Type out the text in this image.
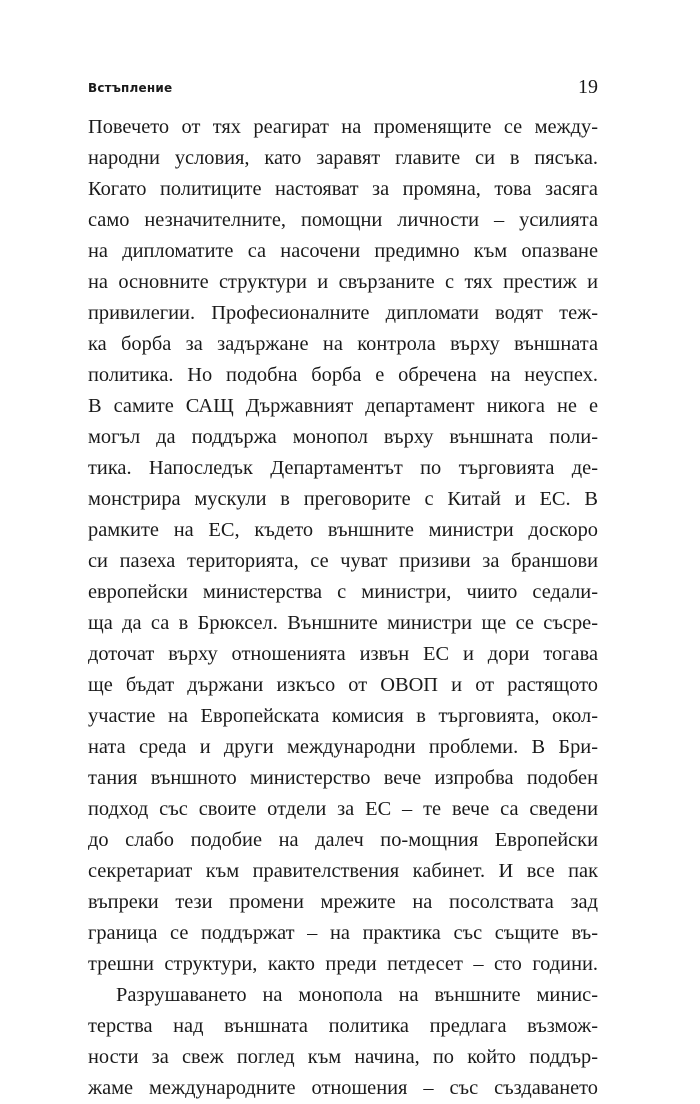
Встъпление	19
Повечето от тях реагират на променящите се между-
народни условия, като заравят главите си в пясъка.
Когато политиците настояват за промяна, това засяга
само незначителните, помощни личности – усилията
на дипломатите са насочени предимно към опазване
на основните структури и свързаните с тях престиж и
привилегии. Професионалните дипломати водят теж-
ка борба за задържане на контрола върху външната
политика. Но подобна борба е обречена на неуспех.
В самите САЩ Държавният департамент никога не е
могъл да поддържа монопол върху външната поли-
тика. Напоследък Департаментът по търговията де-
монстрира мускули в преговорите с Китай и ЕС. В
рамките на ЕС, където външните министри доскоро
си пазеха територията, се чуват призиви за браншови
европейски министерства с министри, чиито седали-
ща да са в Брюксел. Външните министри ще се съсре-
доточат върху отношенията извън ЕС и дори тогава
ще бъдат държани изкъсо от ОВОП и от растящото
участие на Европейската комисия в търговията, окол-
ната среда и други международни проблеми. В Бри-
тания външното министерство вече изпробва подобен
подход със своите отдели за ЕС – те вече са сведени
до слабо подобие на далеч по-мощния Европейски
секретариат към правителствения кабинет. И все пак
въпреки тези промени мрежите на посолствата зад
граница се поддържат – на практика със същите въ-
трешни структури, както преди петдесет – сто години.
Разрушаването на монопола на външните минис-
терства над външната политика предлага възмож-
ности за свеж поглед към начина, по който поддър-
жаме международните отношения – със създаването
